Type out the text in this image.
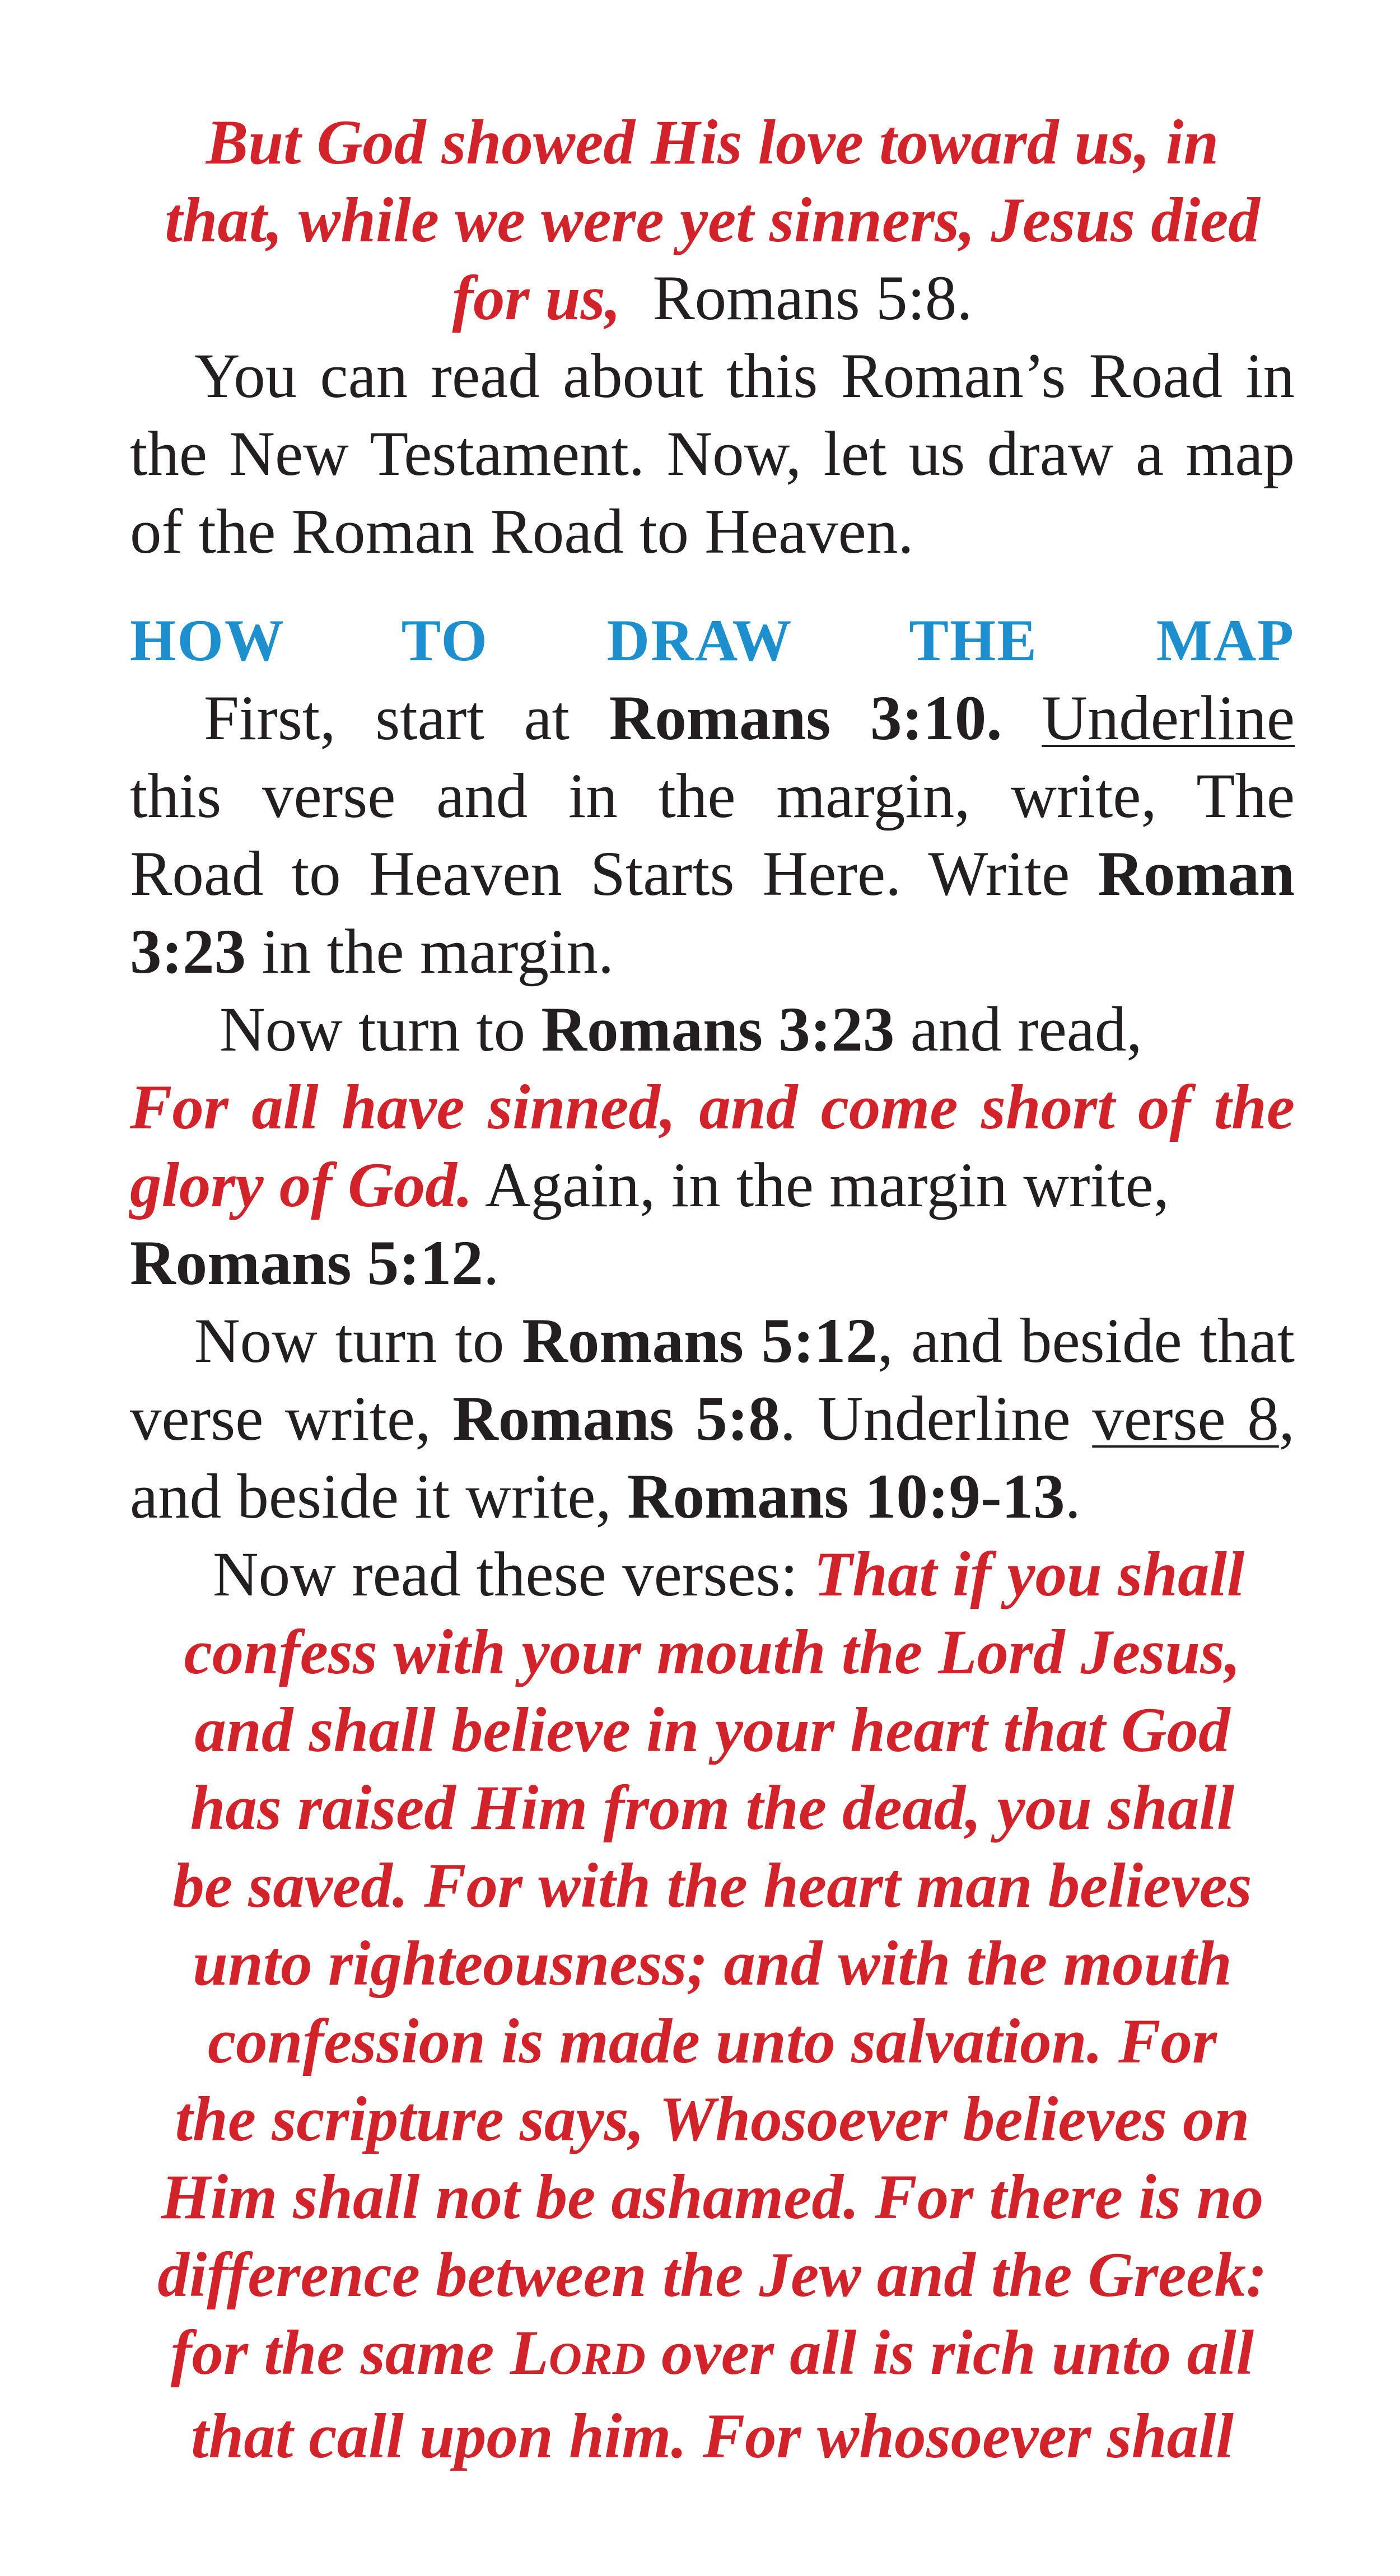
But God showed His love toward us, in
that, while we were yet sinners, Jesus died
for us, Romans 5:8.
You can read about this Roman’s Road in
the New Testament. Now, let us draw a map
of the Roman Road to Heaven.
HOW TO DRAW THE MAP
First, start at Romans 3:10. Underline
this verse and in the margin, write, The
Road to Heaven Starts Here. Write Roman
3:23 in the margin.
Now turn to Romans 3:23 and read,
For all have sinned, and come short of the
glory of God. Again, in the margin write,
Romans 5:12.
Now turn to Romans 5:12, and beside that
verse write, Romans 5:8. Underline verse 8,
and beside it write, Romans 10:9-13.
Now read these verses: That if you shall
confess with your mouth the Lord Jesus,
and shall believe in your heart that God
has raised Him from the dead, you shall
be saved. For with the heart man believes
unto righteousness; and with the mouth
confession is made unto salvation. For
the scripture says, Whosoever believes on
Him shall not be ashamed. For there is no
difference between the Jew and the Greek:
for the same LORD over all is rich unto all
that call upon him. For whosoever shall
